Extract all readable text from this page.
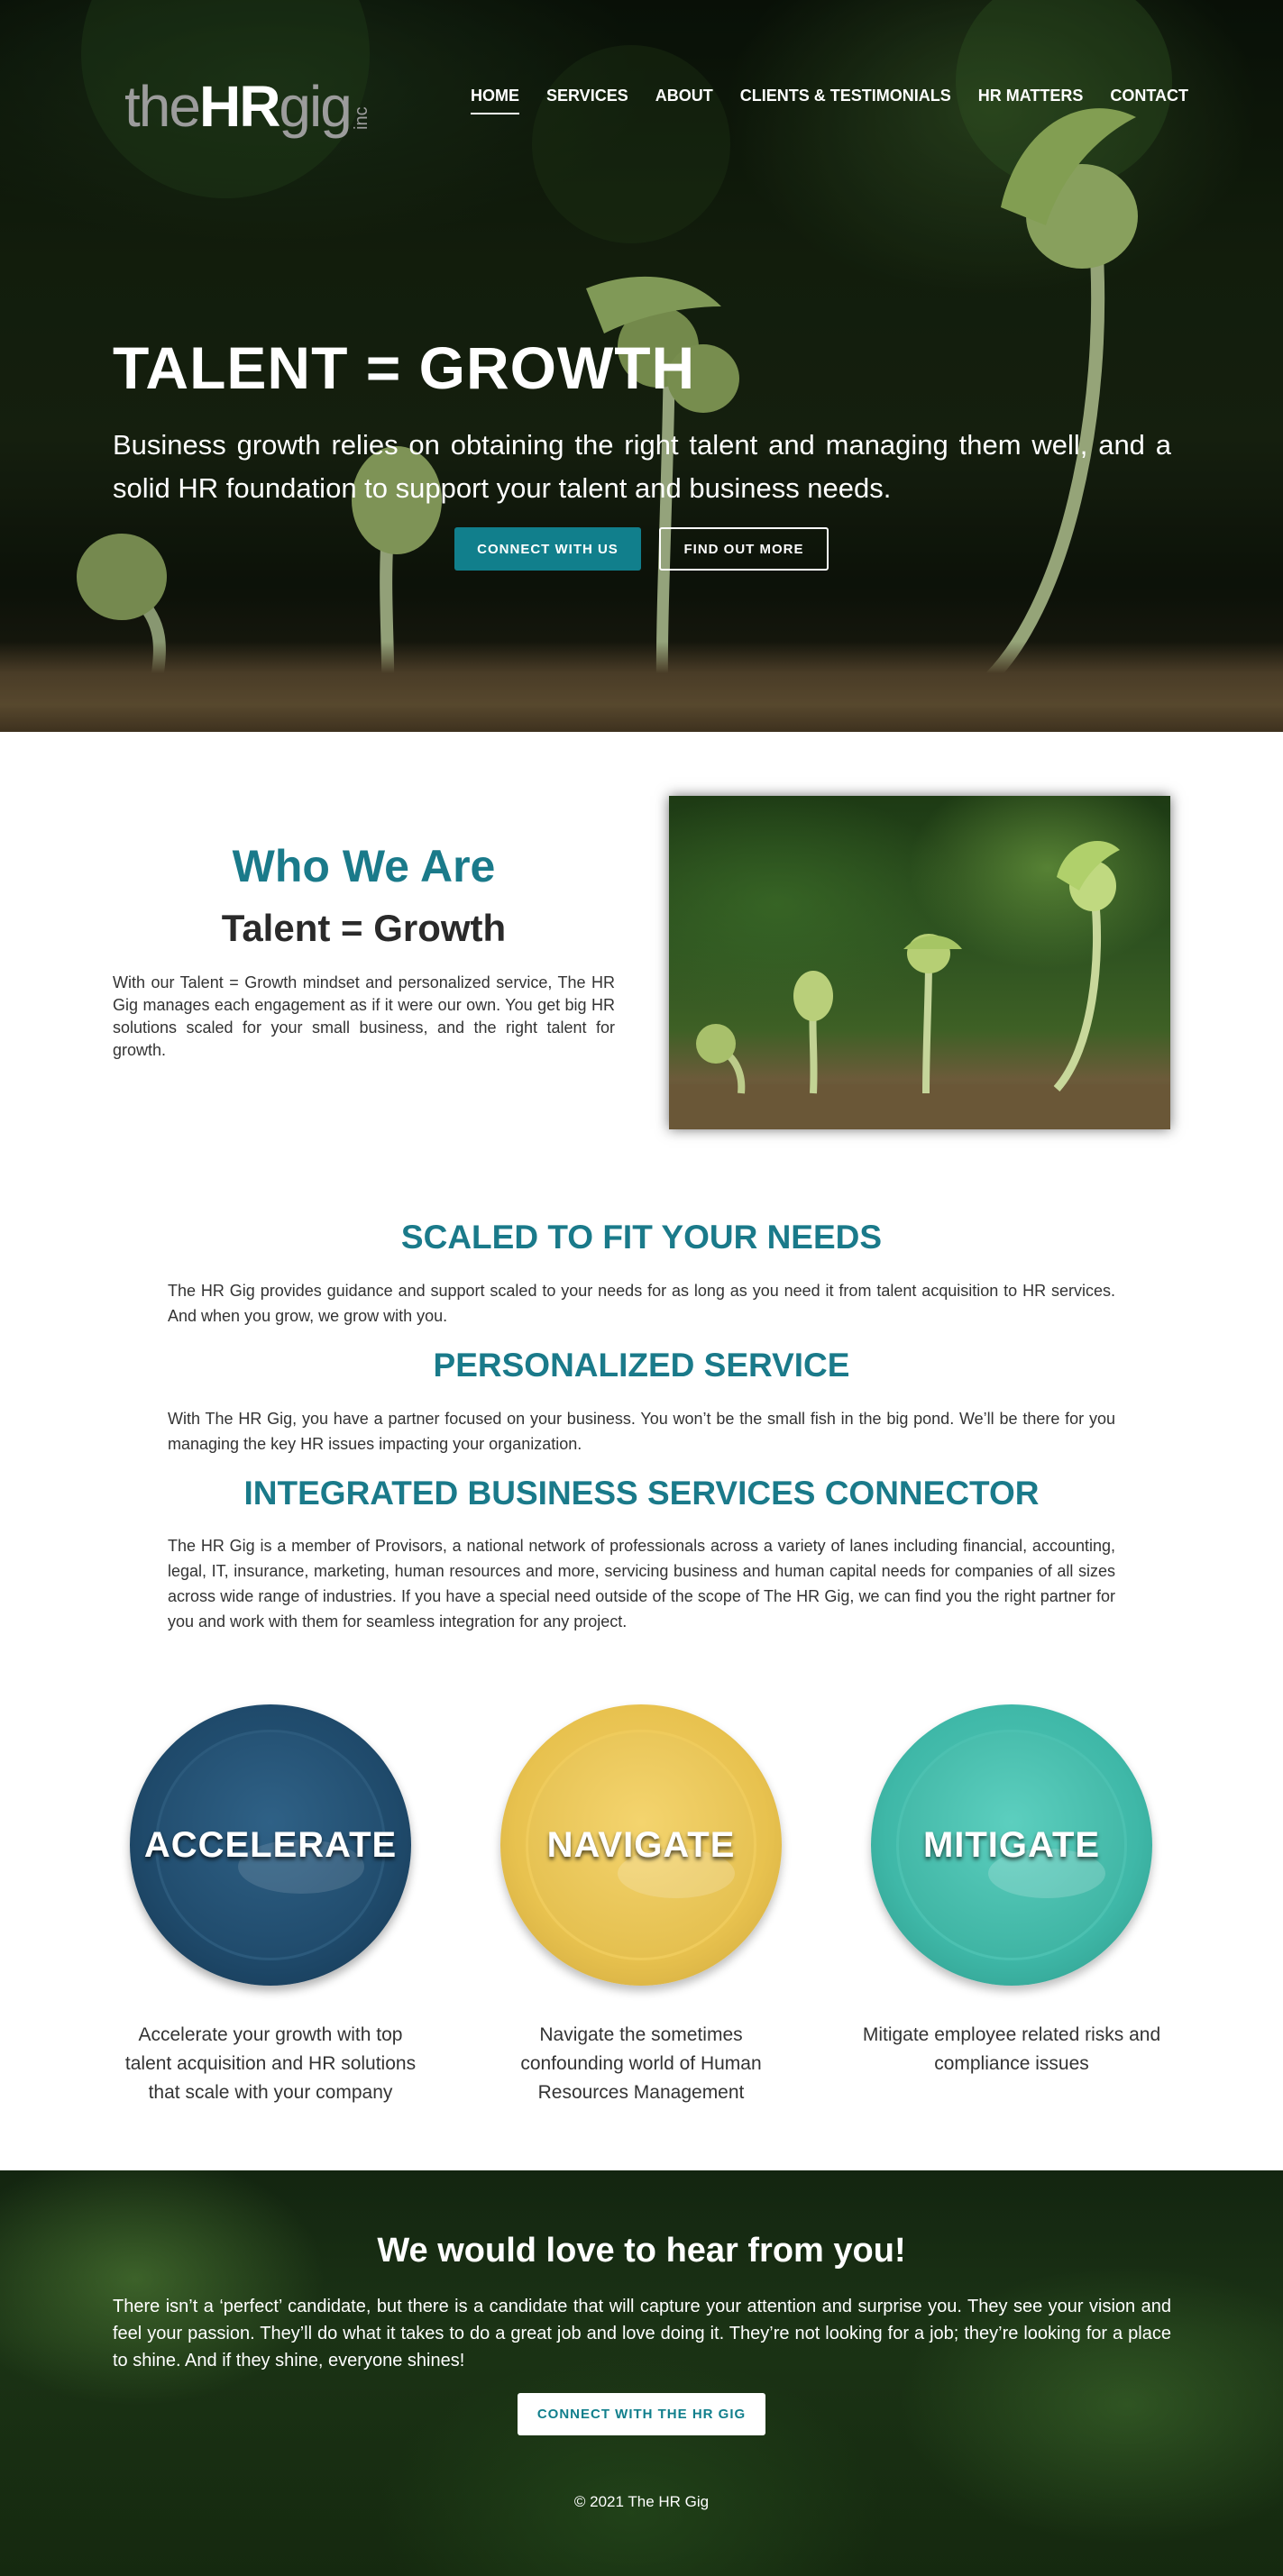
the HR gig inc
HOME SERVICES ABOUT CLIENTS & TESTIMONIALS HR MATTERS CONTACT
TALENT = GROWTH

Business growth relies on obtaining the right talent and managing them well, and a solid HR foundation to support your talent and business needs.

CONNECT WITH US	FIND OUT MORE
Who We Are
Talent = Growth

With our Talent = Growth mindset and personalized service, The HR Gig manages each engagement as if it were our own. You get big HR solutions scaled for your small business, and the right talent for growth.

SCALED TO FIT YOUR NEEDS

The HR Gig provides guidance and support scaled to your needs for as long as you need it from talent acquisition to HR services. And when you grow, we grow with you.

PERSONALIZED SERVICE

With The HR Gig, you have a partner focused on your business. You won’t be the small fish in the big pond. We’ll be there for you managing the key HR issues impacting your organization.

INTEGRATED BUSINESS SERVICES CONNECTOR

The HR Gig is a member of Provisors, a national network of professionals across a variety of lanes including financial, accounting, legal, IT, insurance, marketing, human resources and more, servicing business and human capital needs for companies of all sizes across wide range of industries. If you have a special need outside of the scope of The HR Gig, we can find you the right partner for you and work with them for seamless integration for any project.

ACCELERATE	NAVIGATE	MITIGATE

Accelerate your growth with top talent acquisition and HR solutions that scale with your company

Navigate the sometimes confounding world of Human Resources Management

Mitigate employee related risks and compliance issues

We would love to hear from you!

There isn’t a ‘perfect’ candidate, but there is a candidate that will capture your attention and surprise you. They see your vision and feel your passion. They’ll do what it takes to do a great job and love doing it. They’re not looking for a job; they’re looking for a place to shine. And if they shine, everyone shines!

CONNECT WITH THE HR GIG
© 2021 The HR Gig
